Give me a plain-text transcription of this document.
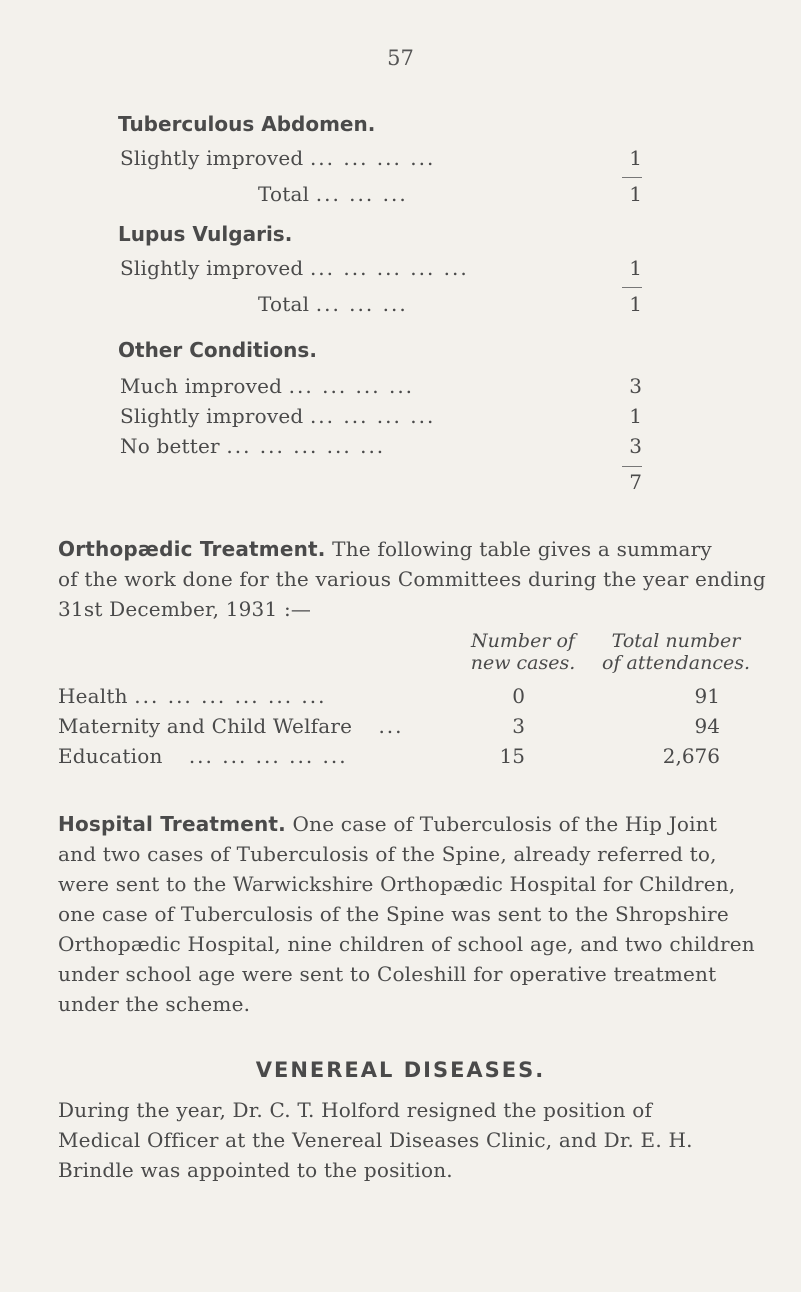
57
Tuberculous Abdomen.
Slightly improved ... ... ... ...	1
Total ... ... ...	1
Lupus Vulgaris.
Slightly improved ... ... ... ... ...	1
Total ... ... ...	1
Other Conditions.
Much improved ... ... ... ...	3
Slightly improved ... ... ... ...	1
No better ... ... ... ... ...	3
7
Orthopædic Treatment. The following table gives a summary
of the work done for the various Committees during the year ending
31st December, 1931 :—
Number of
new cases.
Total number
of attendances.
Health ... ... ... ... ... ...	0	91
Maternity and Child Welfare ...	3	94
Education ... ... ... ... ...	15	2,676
Hospital Treatment. One case of Tuberculosis of the Hip Joint
and two cases of Tuberculosis of the Spine, already referred to,
were sent to the Warwickshire Orthopædic Hospital for Children,
one case of Tuberculosis of the Spine was sent to the Shropshire
Orthopædic Hospital, nine children of school age, and two children
under school age were sent to Coleshill for operative treatment
under the scheme.
VENEREAL DISEASES.
During the year, Dr. C. T. Holford resigned the position of
Medical Officer at the Venereal Diseases Clinic, and Dr. E. H.
Brindle was appointed to the position.
